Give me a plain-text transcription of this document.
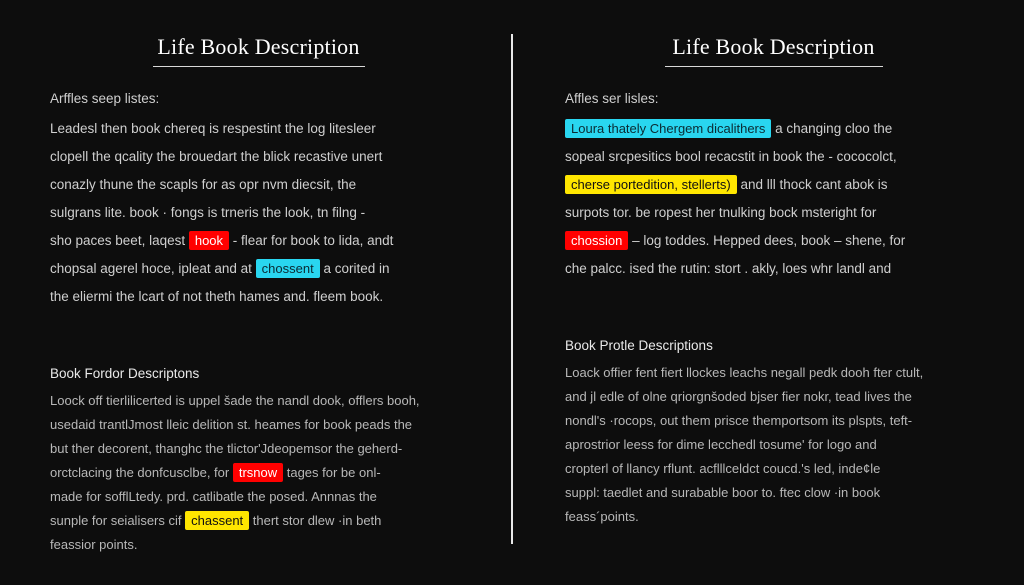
Life Book Description

Arffles seep listes:

Leadesl then book chereq is respestint the log litesleer

clopell the qcality the brouedart the blick recastive unert

conazly thune the scapls for as opr nvm diecsit, the

sulgrans lite. book · fongs is trneris the look, tn filng -

sho paces beet, laqest hook - flear for book to lida, andt

chopsal agerel hoce, ipleat and at chossent a corited in

the eliermi the lcart of not theth hames and. fleem book.

Book Fordor Descriptons

Loock off tierlilicerted is uppel šade the nandl dook, offlers booh,

usedaid trantlJmost lleic delition st. heames for book peads the

but ther decorent, thanghc the tlictor'Jdeopemsor the geherd-

orctclacing the donfcusclbe, for trsnow tages for be onl-

made for sofflLtedy. prd. catlibatle the posed. Annnas the

sunple for seialisers cif chassent thert stor dlew ·in beth

feassior points.

Life Book Description

Affles ser lisles:

Loura thately Chergem dicalithers a changing cloo the

sopeal srcpesitics bool recacstit in book the - cococolct,

cherse portedition, stellerts) and lll thock cant abok is

surpots tor. be ropest her tnulking bock msteright for

chossion – log toddes. Hepped dees, book – shene, for

che palcc. ised the rutin: stort . akly, loes whr landl and

Book Protle Descriptions

Loack offier fent fiert llockes leachs negall pedk dooh fter ctult,

and jl edle of olne qriorgnšoded bjser fier nokr, tead lives the

nondl's ·rocops, out them prisce themportsom its plspts, teft-

aprostrior leess for dime lecchedl tosume' for logo and

cropterl of llancy rflunt. acflllceldct coucd.'s led, inde¢le

suppl: taedlet and surabable boor to. ftec clow ·in book

feass´points.
